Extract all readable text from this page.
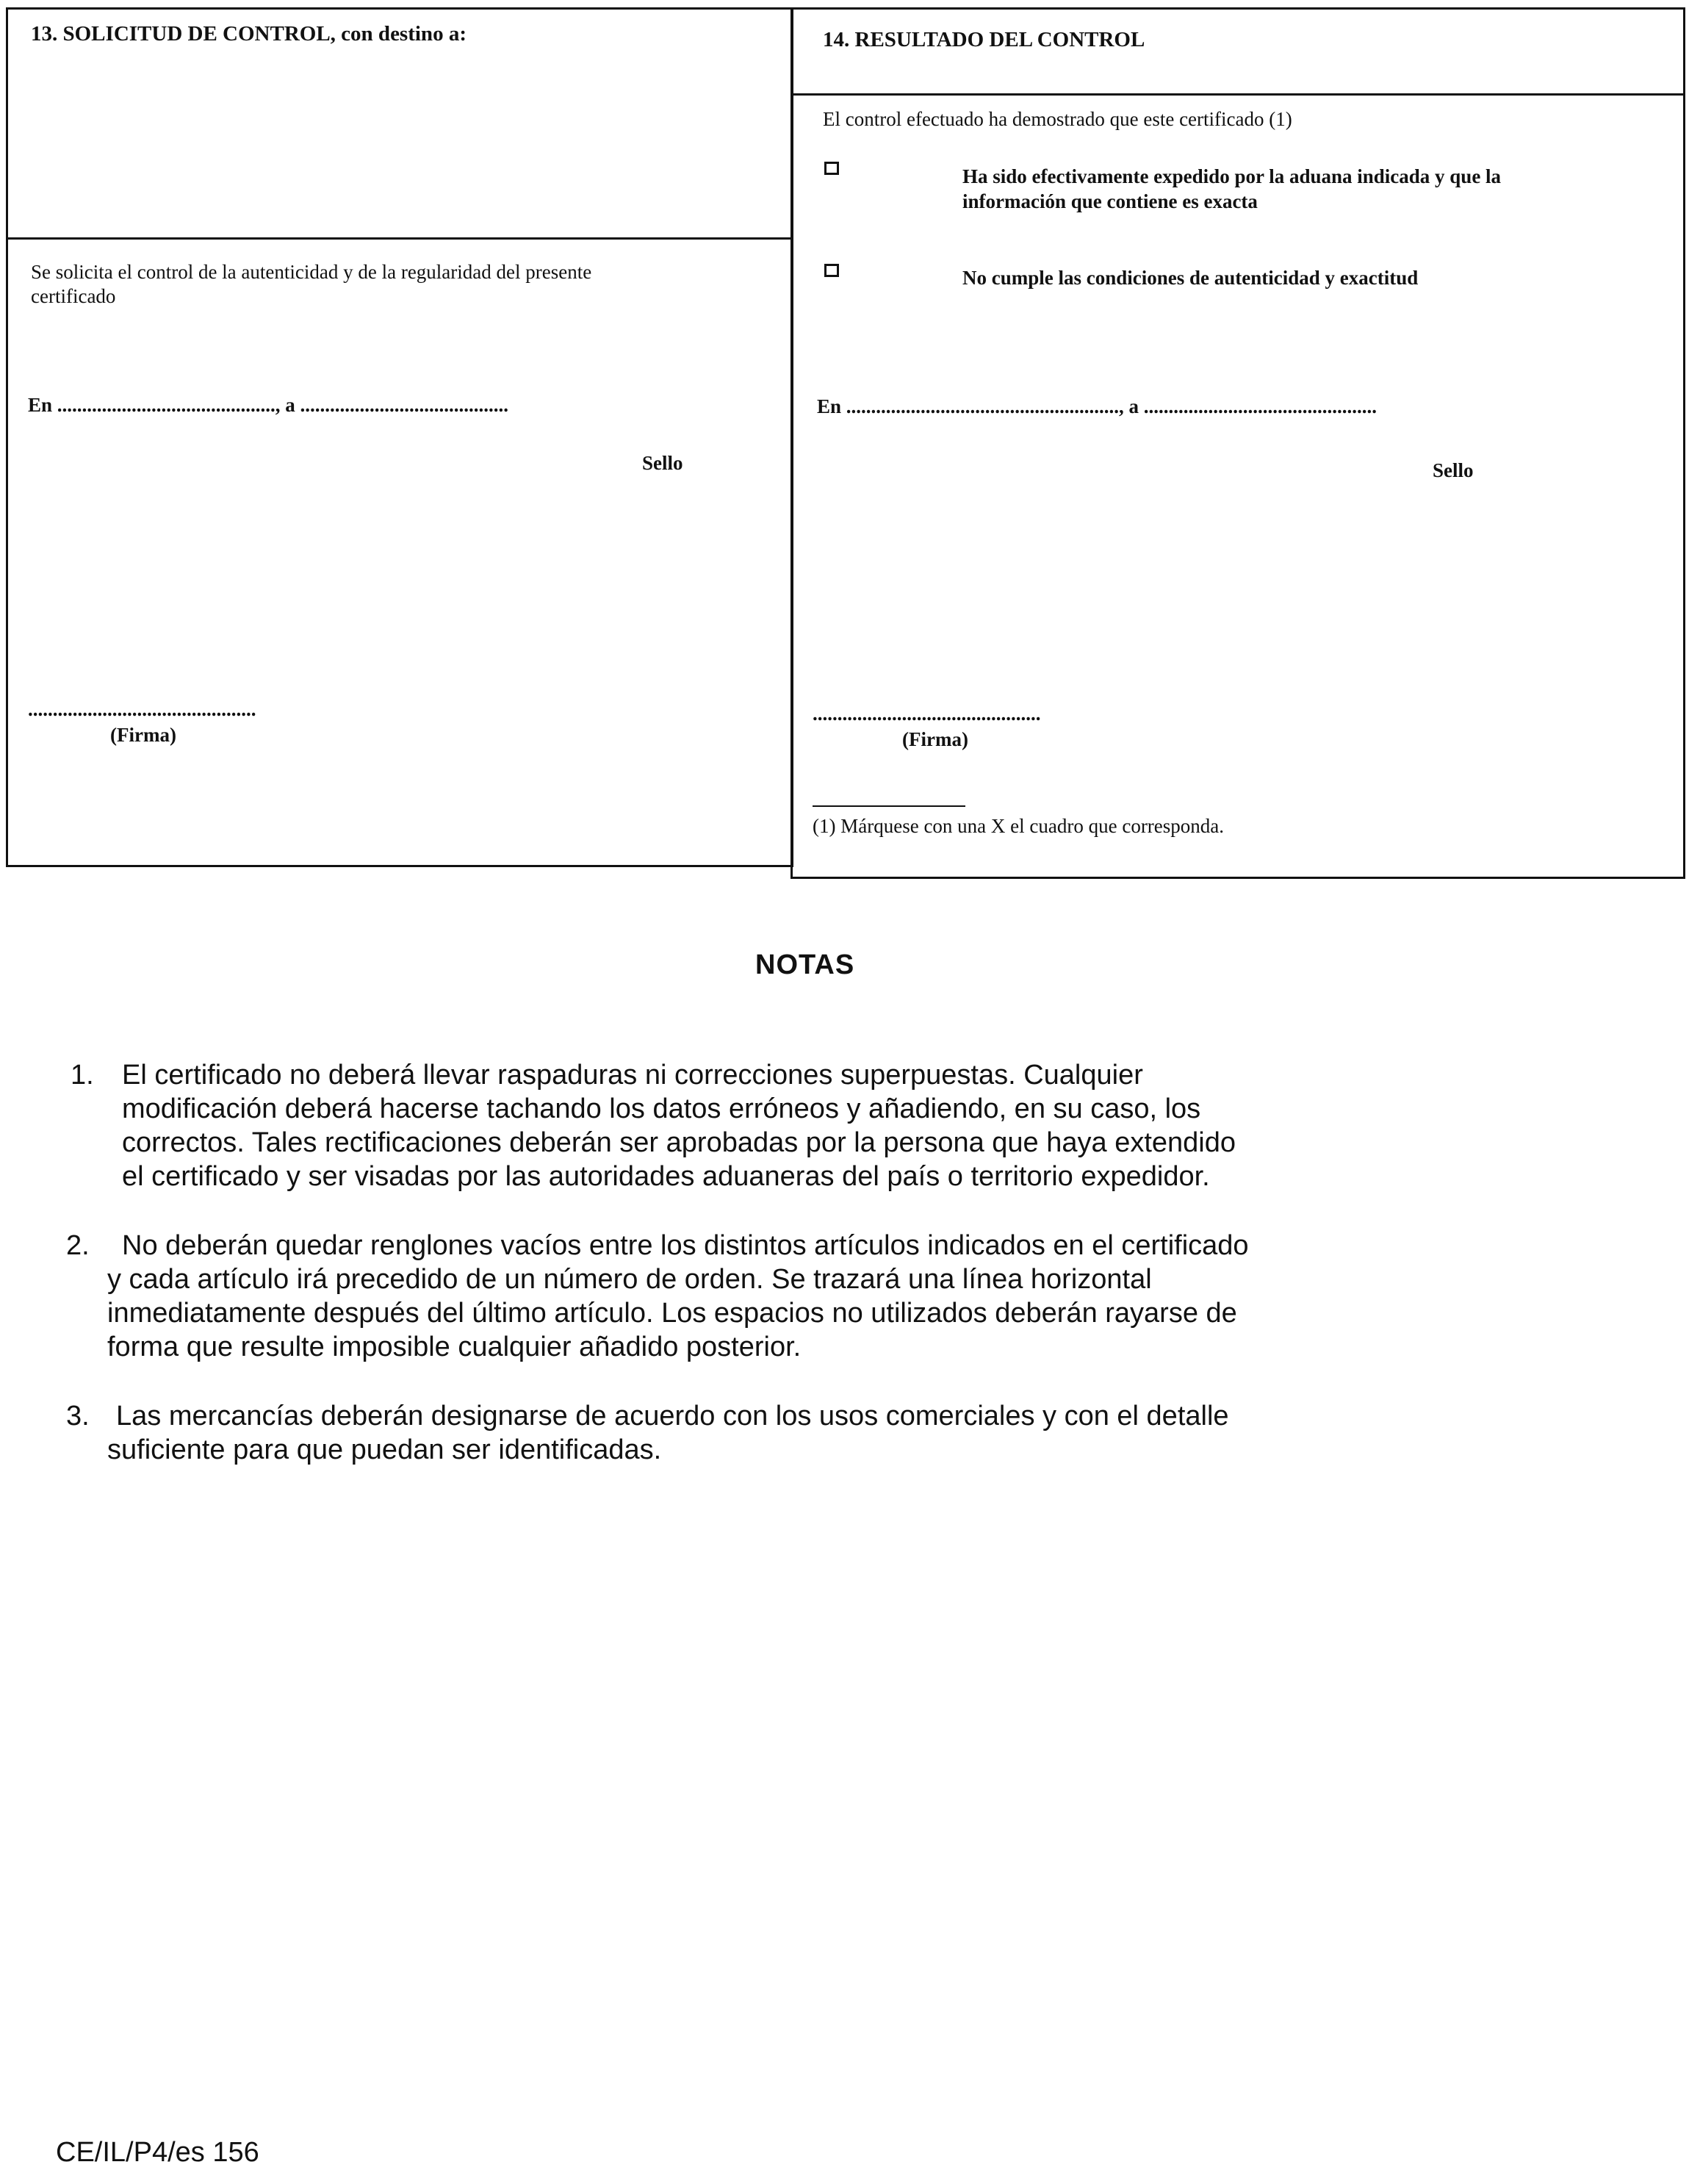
13. SOLICITUD DE CONTROL, con destino a:
Se solicita el control de la autenticidad y de la regularidad del presente
certificado
En ............................................, a ..........................................
Sello
..............................................
(Firma)
14. RESULTADO DEL CONTROL
El control efectuado ha demostrado que este certificado (1)
Ha sido efectivamente expedido por la aduana indicada y que la
información que contiene es exacta
No cumple las condiciones de autenticidad y exactitud
En ......................................................., a ...............................................
Sello
..............................................
(Firma)
(1) Márquese con una X el cuadro que corresponda.
NOTAS
1. El certificado no deberá llevar raspaduras ni correcciones superpuestas. Cualquier
modificación deberá hacerse tachando los datos erróneos y añadiendo, en su caso, los
correctos. Tales rectificaciones deberán ser aprobadas por la persona que haya extendido
el certificado y ser visadas por las autoridades aduaneras del país o territorio expedidor.
2. No deberán quedar renglones vacíos entre los distintos artículos indicados en el certificado
y cada artículo irá precedido de un número de orden. Se trazará una línea horizontal
inmediatamente después del último artículo. Los espacios no utilizados deberán rayarse de
forma que resulte imposible cualquier añadido posterior.
3. Las mercancías deberán designarse de acuerdo con los usos comerciales y con el detalle
suficiente para que puedan ser identificadas.
CE/IL/P4/es 156
